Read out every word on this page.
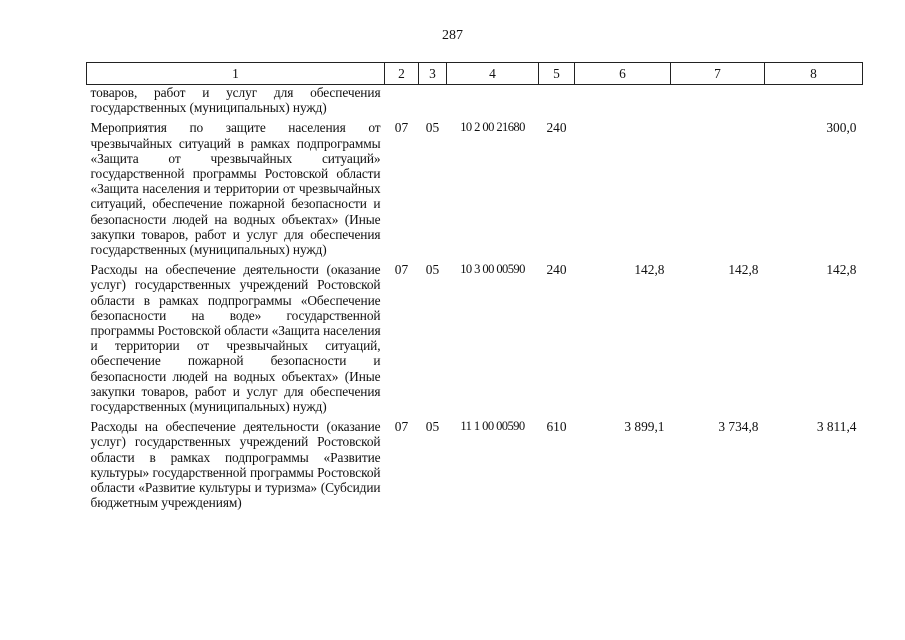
287
1	2	3	4	5	6	7	8
товаров, работ и услуг для обеспечения государственных (муниципальных) нужд)							

Мероприятия по защите населения от чрезвычайных ситуаций в рамках подпрограммы «Защита от чрезвычайных ситуаций» государственной программы Ростовской области «Защита населения и территории от чрезвычайных ситуаций, обеспечение пожарной безопасности и безопасности людей на водных объектах» (Иные закупки товаров, работ и услуг для обеспечения государственных (муниципальных) нужд)	07	05	10 2 00 21680	240			300,0

Расходы на обеспечение деятельности (оказание услуг) государственных учреждений Ростовской области в рамках подпрограммы «Обеспечение безопасности на воде» государственной программы Ростовской области «Защита населения и территории от чрезвычайных ситуаций, обеспечение пожарной безопасности и безопасности людей на водных объектах» (Иные закупки товаров, работ и услуг для обеспечения государственных (муниципальных) нужд)	07	05	10 3 00 00590	240	142,8	142,8	142,8

Расходы на обеспечение деятельности (оказание услуг) государственных учреждений Ростовской области в рамках подпрограммы «Развитие культуры» государственной программы Ростовской области «Развитие культуры и туризма» (Субсидии бюджетным учреждениям)	07	05	11 1 00 00590	610	3 899,1	3 734,8	3 811,4
